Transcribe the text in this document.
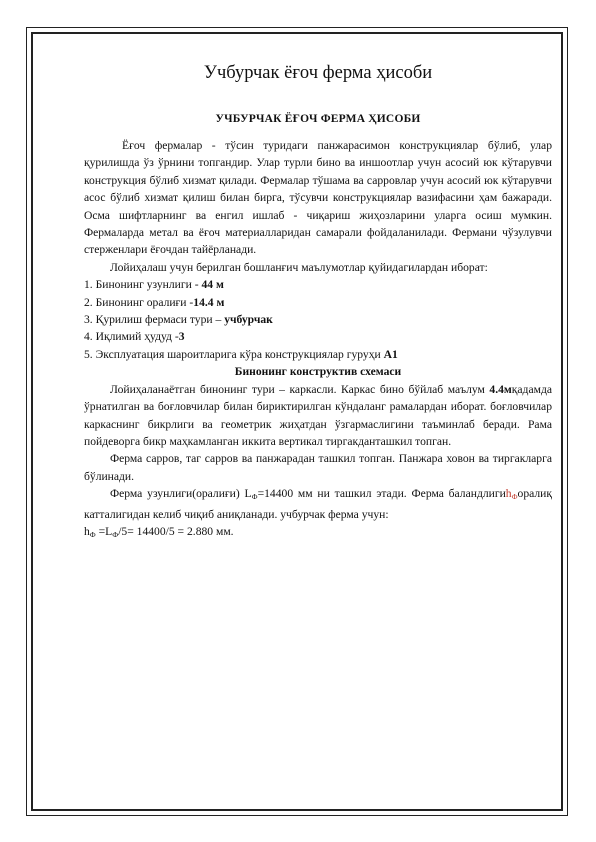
Учбурчак ёғоч ферма ҳисоби
УЧБУРЧАК ЁҒОЧ ФЕРМА ҲИСОБИ

Ёғоч фермалар - тўсин туридаги панжарасимон конструкциялар бўлиб, улар қурилишда ўз ўрнини топгандир. Улар турли бино ва иншоотлар учун асосий юк кўтарувчи конструкция бўлиб хизмат қилади. Фермалар тўшама ва сарровлар учун асосий юк кўтарувчи асос бўлиб хизмат қилиш билан бирга, тўсувчи конструкциялар вазифасини ҳам бажаради. Осма шифтларнинг ва енгил ишлаб - чиқариш жиҳозларини уларга осиш мумкин. Фермаларда метал ва ёғоч материалларидан самарали фойдаланилади. Фермани чўзулувчи стерженлари ёғочдан тайёрланади.

Лойиҳалаш учун берилган бошланғич маълумотлар қуйидагилардан иборат:

1. Бинонинг узунлиги - 44 м

2. Бинонинг оралиғи -14.4 м

3. Қурилиш фермаси тури – учбурчак

4. Иқлимий ҳудуд -3

5. Эксплуатация шароитларига кўра конструкциялар гуруҳи А1

Бинонинг конструктив схемаси

Лойиҳаланаётган бинонинг тури – каркасли. Каркас бино бўйлаб маълум 4.4мқадамда ўрнатилган ва боғловчилар билан бириктирилган кўндаланг рамалардан иборат. боғловчилар каркаснинг бикрлиги ва геометрик жиҳатдан ўзгармаслигини таъминлаб беради. Рама пойдеворга бикр маҳкамланган иккита вертикал тиргакданташкил топган.

Ферма сарров, таг сарров ва панжарадан ташкил топган. Панжара ховон ва тиргакларга бўлинади.

Ферма узунлиги(оралиғи) $L_Ф=14400$ мм ни ташкил этади. Ферма баландлигиh$_Ф$оралиқ катталигидан келиб чиқиб аниқланади. учбурчак ферма учун:

$h_Ф =L_Ф/5= 14400/5 = 2.880$ мм.
